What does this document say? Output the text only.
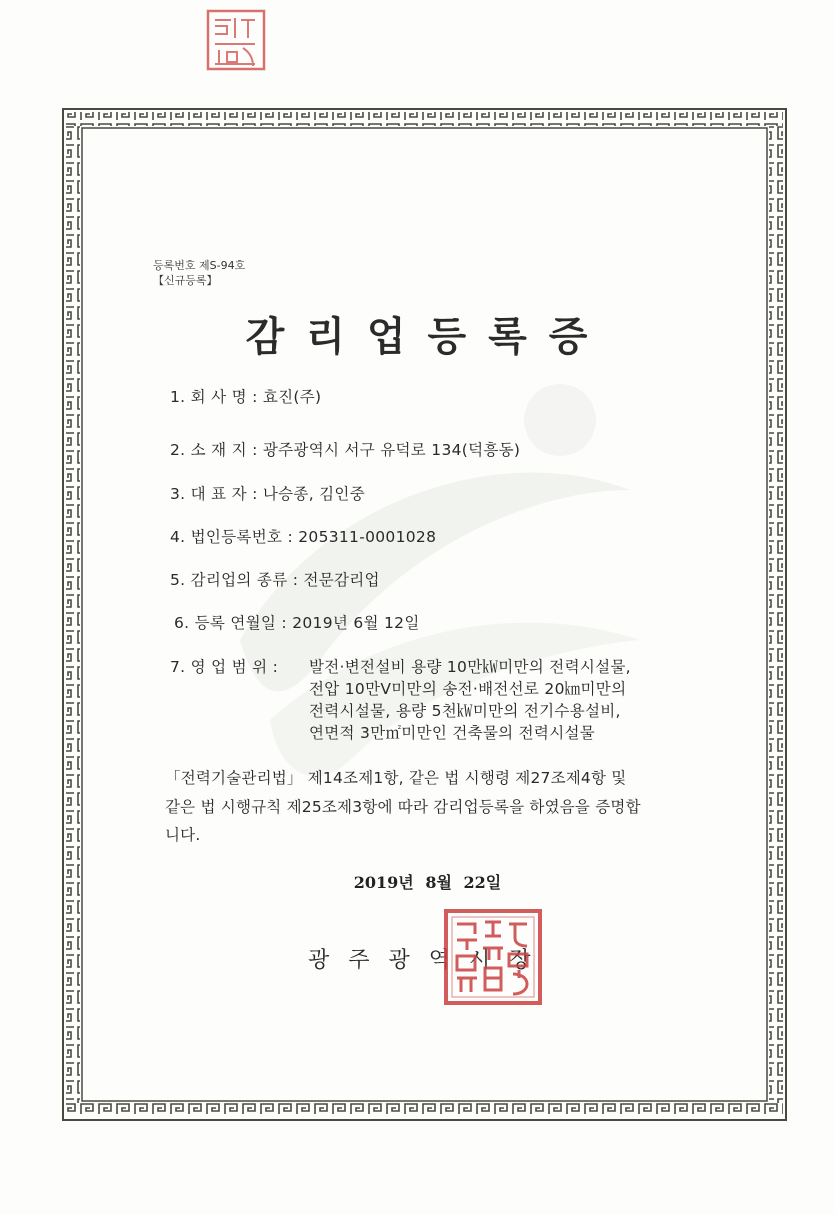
등록번호 제S-94호
【신규등록】
감리업등록증
1. 회 사 명 : 효진(주)
2. 소 재 지 : 광주광역시 서구 유덕로 134(덕흥동)
3. 대 표 자 : 나승종, 김인중
4. 법인등록번호 : 205311-0001028
5. 감리업의 종류 : 전문감리업
6. 등록 연월일 : 2019년 6월 12일
7. 영 업 범 위 : 발전·변전설비 용량 10만㎾미만의 전력시설물,
전압 10만V미만의 송전·배전선로 20㎞미만의
전력시설물, 용량 5천㎾미만의 전기수용설비,
연면적 3만㎡미만인 건축물의 전력시설물
「전력기술관리법」 제14조제1항, 같은 법 시행령 제27조제4항 및
같은 법 시행규칙 제25조제3항에 따라 감리업등록을 하였음을 증명합
니다.
2019년 8월 22일
광주광역시장
